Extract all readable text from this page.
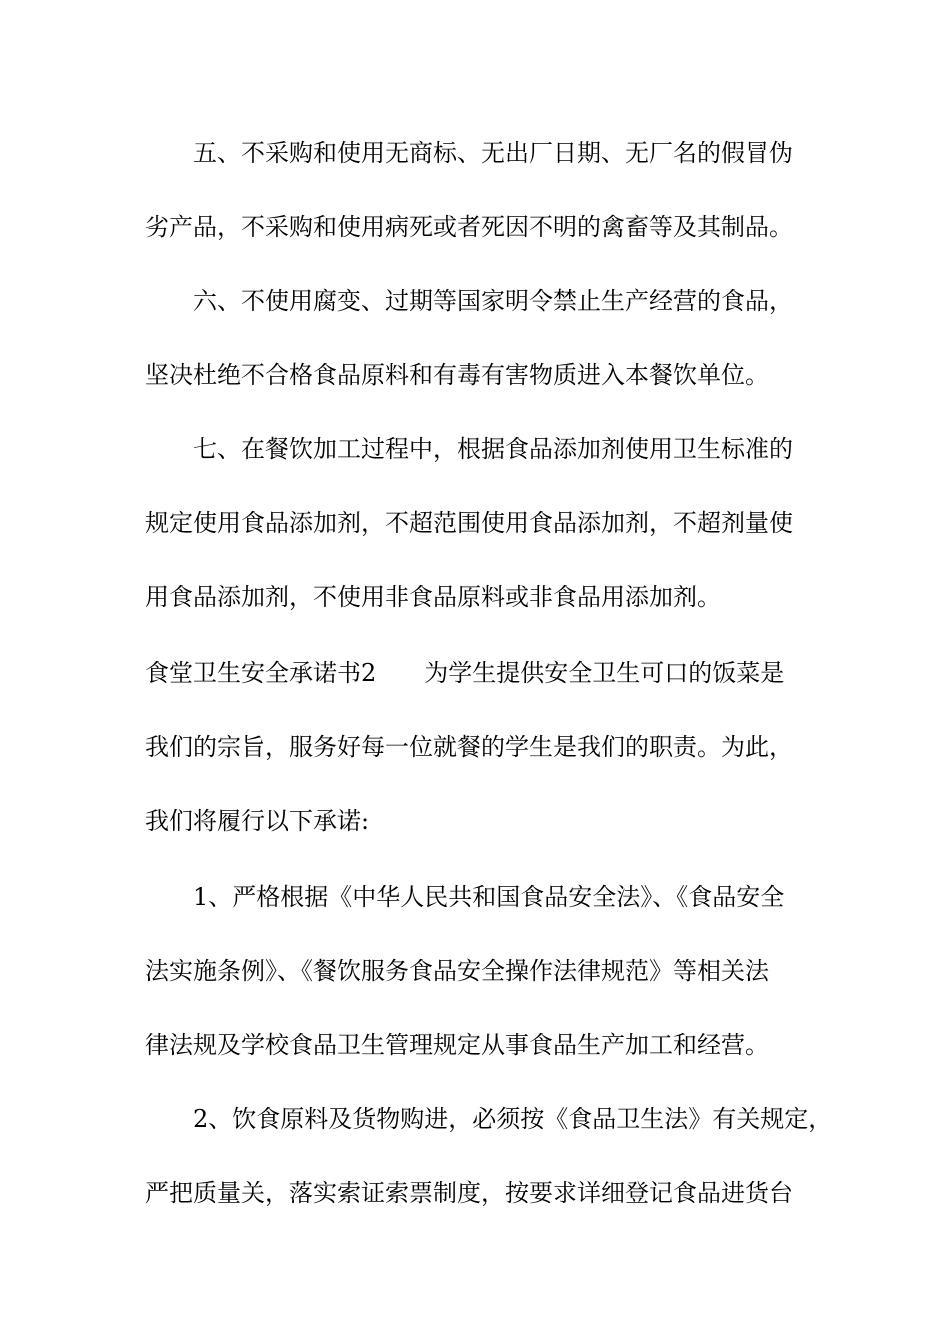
五、不采购和使用无商标、无出厂日期、无厂名的假冒伪
劣产品，不采购和使用病死或者死因不明的禽畜等及其制品。
六、不使用腐变、过期等国家明令禁止生产经营的食品，
坚决杜绝不合格食品原料和有毒有害物质进入本餐饮单位。
七、在餐饮加工过程中，根据食品添加剂使用卫生标准的
规定使用食品添加剂，不超范围使用食品添加剂，不超剂量使
用食品添加剂，不使用非食品原料或非食品用添加剂。
食堂卫生安全承诺书2　　为学生提供安全卫生可口的饭菜是
我们的宗旨，服务好每一位就餐的学生是我们的职责。为此，
我们将履行以下承诺:
1、严格根据《中华人民共和国食品安全法》、《食品安全
法实施条例》、《餐饮服务食品安全操作法律规范》等相关法
律法规及学校食品卫生管理规定从事食品生产加工和经营。
2、饮食原料及货物购进，必须按《食品卫生法》有关规定，
严把质量关，落实索证索票制度，按要求详细登记食品进货台
